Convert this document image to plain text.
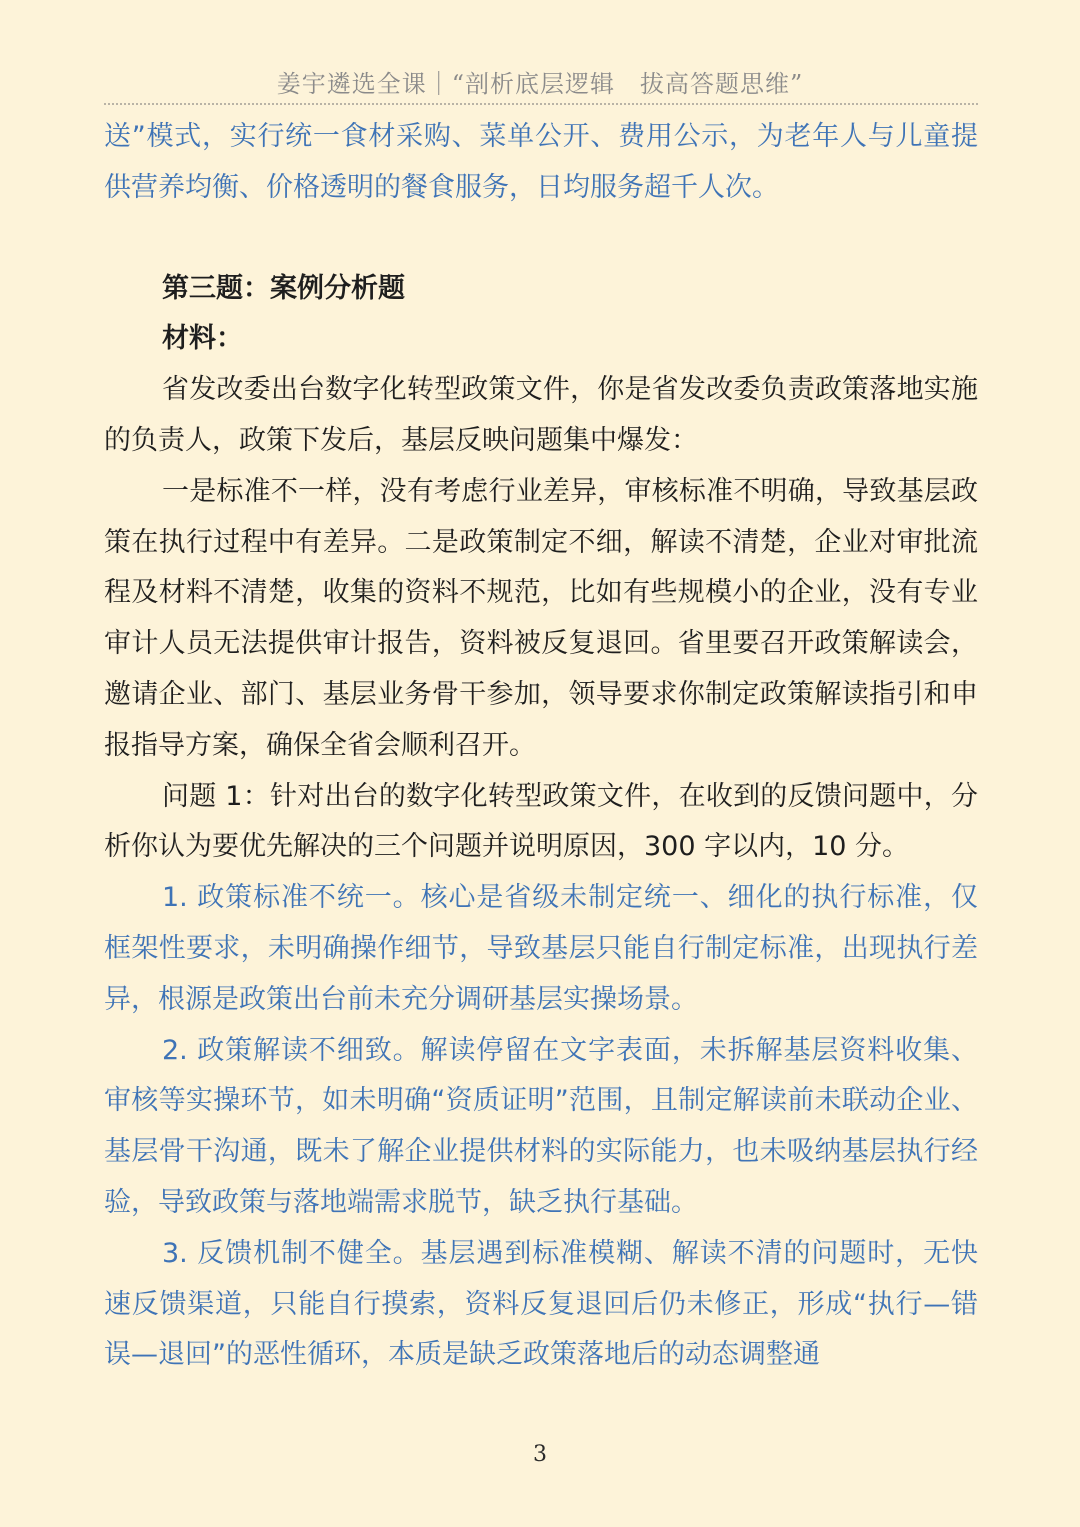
姜宇遴选全课｜“剖析底层逻辑　拔高答题思维”

送”模式，实行统一食材采购、菜单公开、费用公示，为老年人与儿童提供营养均衡、价格透明的餐食服务，日均服务超千人次。

第三题：案例分析题

材料：

省发改委出台数字化转型政策文件，你是省发改委负责政策落地实施的负责人，政策下发后，基层反映问题集中爆发：

一是标准不一样，没有考虑行业差异，审核标准不明确，导致基层政策在执行过程中有差异。二是政策制定不细，解读不清楚，企业对审批流程及材料不清楚，收集的资料不规范，比如有些规模小的企业，没有专业审计人员无法提供审计报告，资料被反复退回。省里要召开政策解读会，邀请企业、部门、基层业务骨干参加，领导要求你制定政策解读指引和申报指导方案，确保全省会顺利召开。

问题 1：针对出台的数字化转型政策文件，在收到的反馈问题中，分析你认为要优先解决的三个问题并说明原因，300 字以内，10 分。

1. 政策标准不统一。核心是省级未制定统一、细化的执行标准，仅框架性要求，未明确操作细节，导致基层只能自行制定标准，出现执行差异，根源是政策出台前未充分调研基层实操场景。

2. 政策解读不细致。解读停留在文字表面，未拆解基层资料收集、审核等实操环节，如未明确“资质证明”范围，且制定解读前未联动企业、基层骨干沟通，既未了解企业提供材料的实际能力，也未吸纳基层执行经验，导致政策与落地端需求脱节，缺乏执行基础。

3. 反馈机制不健全。基层遇到标准模糊、解读不清的问题时，无快速反馈渠道，只能自行摸索，资料反复退回后仍未修正，形成“执行—错误—退回”的恶性循环，本质是缺乏政策落地后的动态调整通

3
